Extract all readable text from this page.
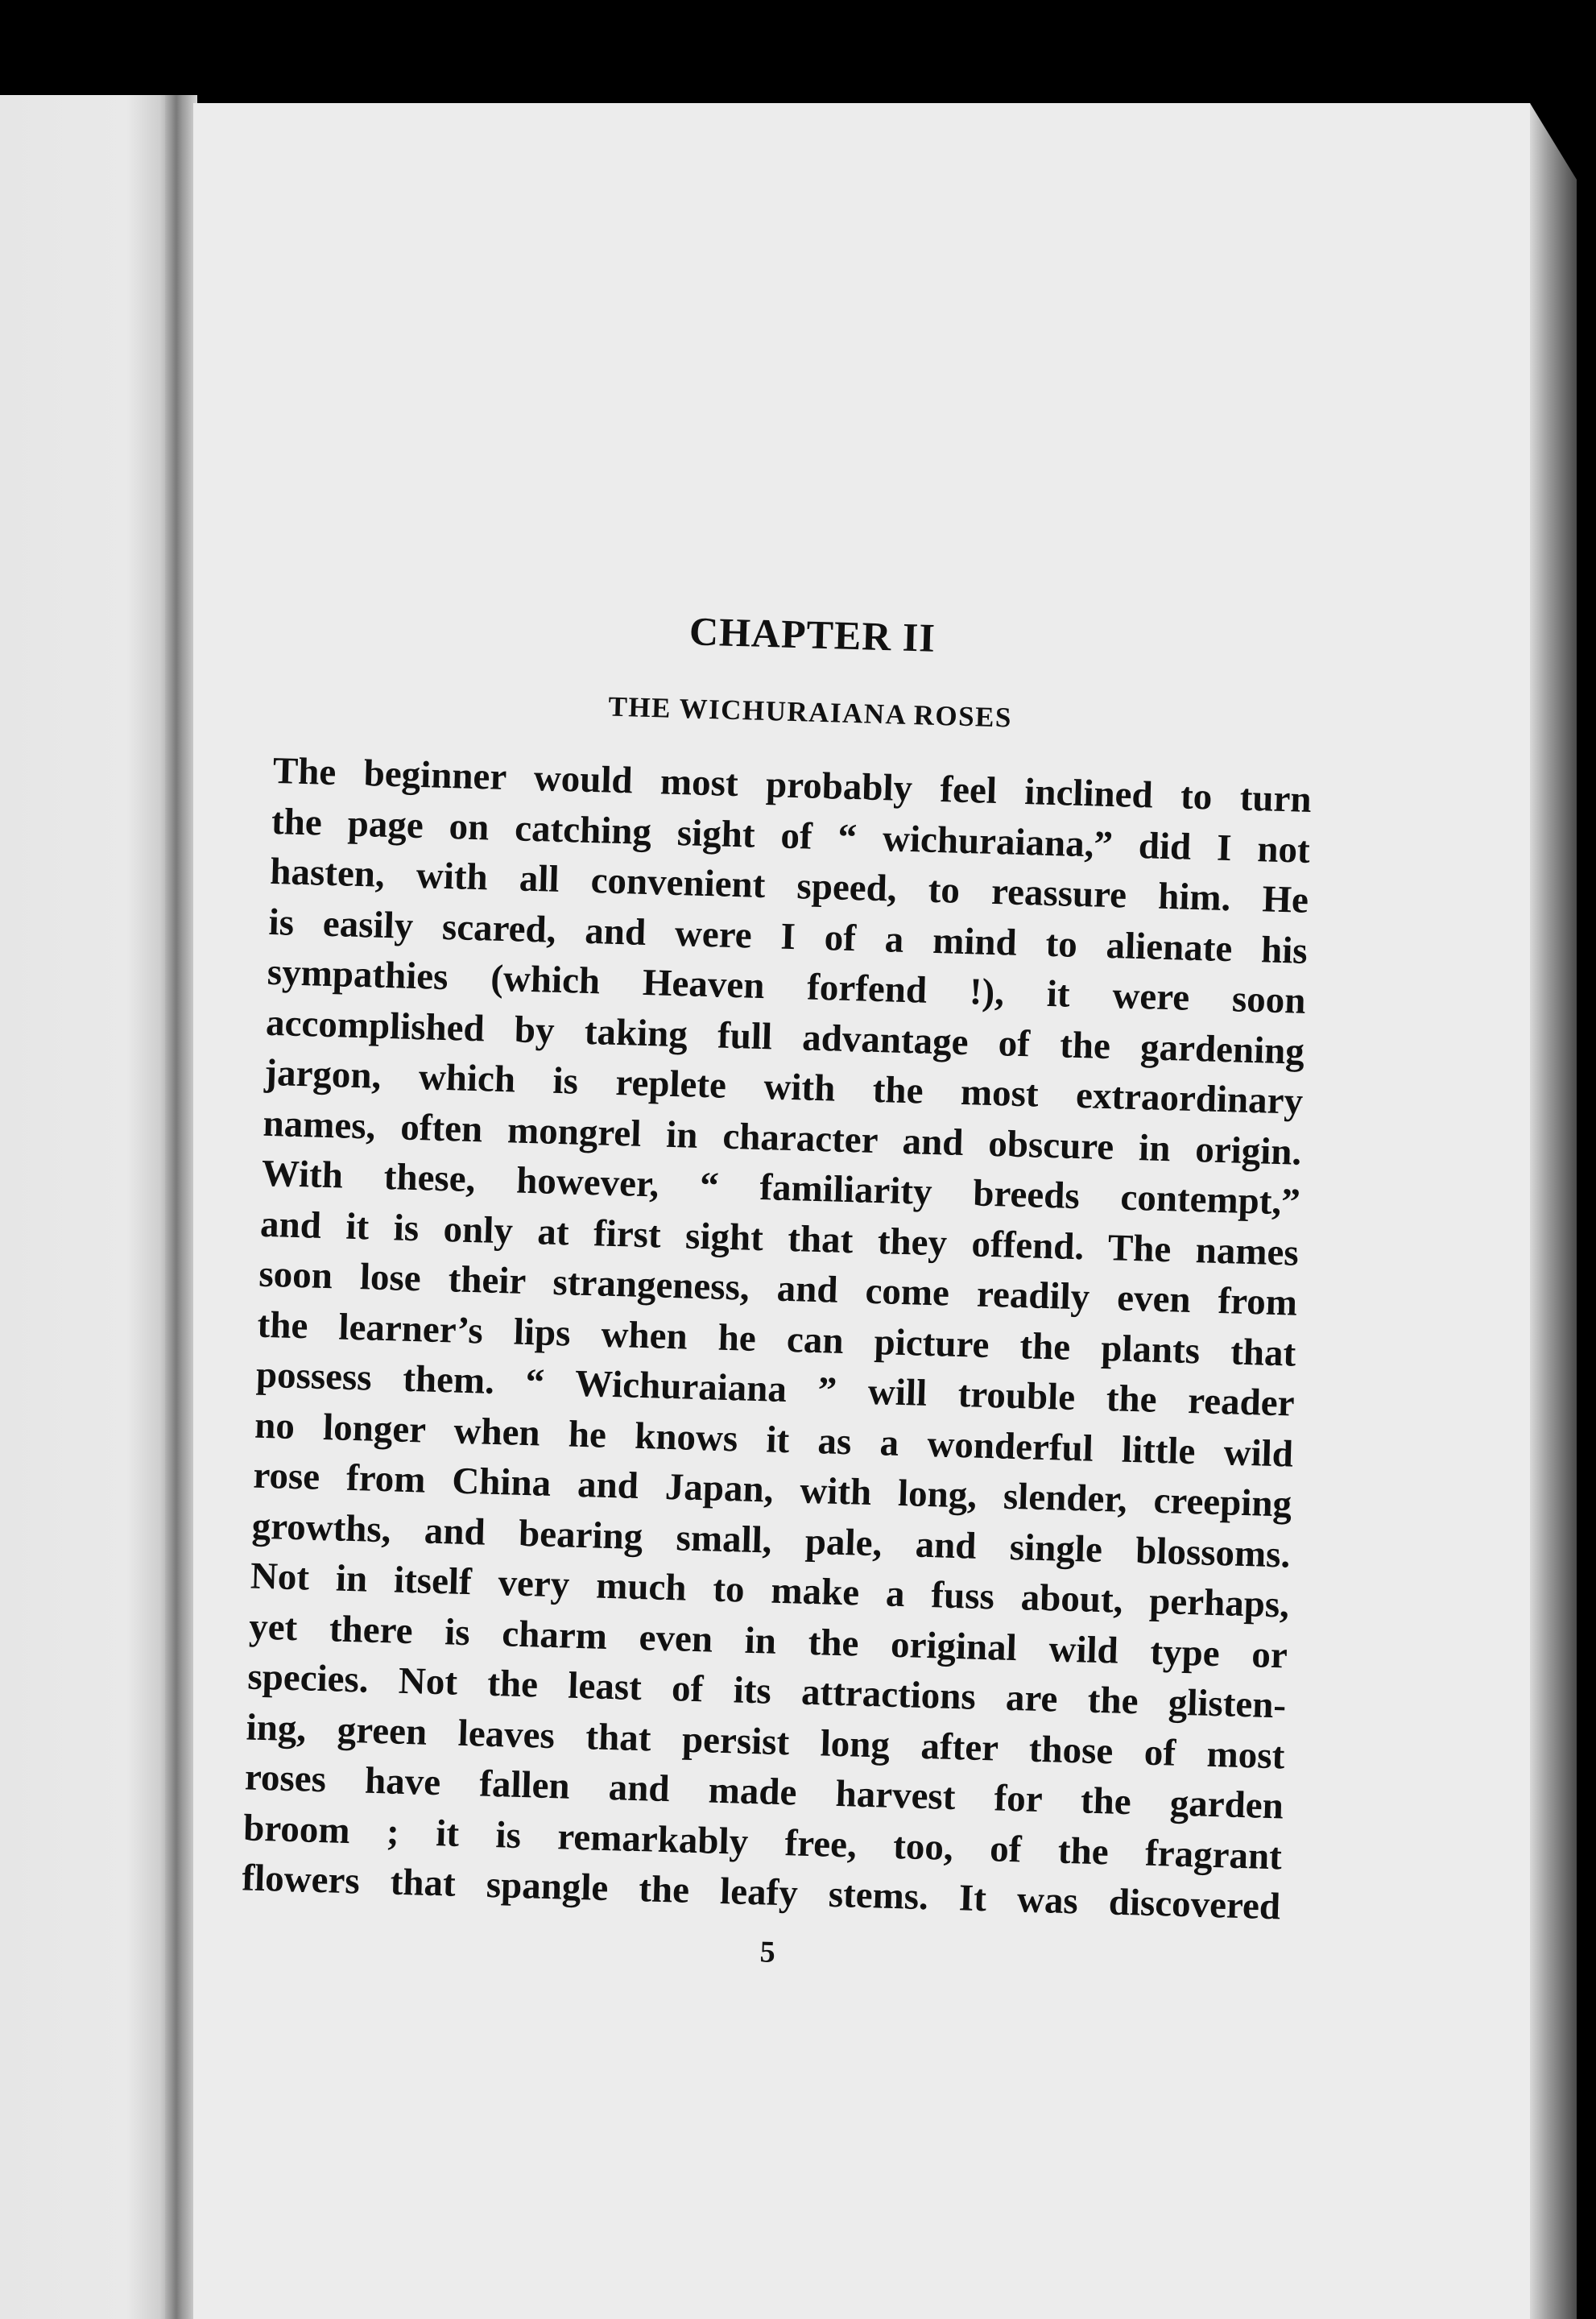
CHAPTER II
THE WICHURAIANA ROSES
The beginner would most probably feel inclined to turn
the page on catching sight of “ wichuraiana,” did I not
hasten, with all convenient speed, to reassure him. He
is easily scared, and were I of a mind to alienate his
sympathies (which Heaven forfend !), it were soon
accomplished by taking full advantage of the gardening
jargon, which is replete with the most extraordinary
names, often mongrel in character and obscure in origin.
With these, however, “ familiarity breeds contempt,”
and it is only at first sight that they offend. The names
soon lose their strangeness, and come readily even from
the learner’s lips when he can picture the plants that
possess them. “ Wichuraiana ” will trouble the reader
no longer when he knows it as a wonderful little wild
rose from China and Japan, with long, slender, creeping
growths, and bearing small, pale, and single blossoms.
Not in itself very much to make a fuss about, perhaps,
yet there is charm even in the original wild type or
species. Not the least of its attractions are the glisten-
ing, green leaves that persist long after those of most
roses have fallen and made harvest for the garden
broom ; it is remarkably free, too, of the fragrant
flowers that spangle the leafy stems. It was discovered
5
